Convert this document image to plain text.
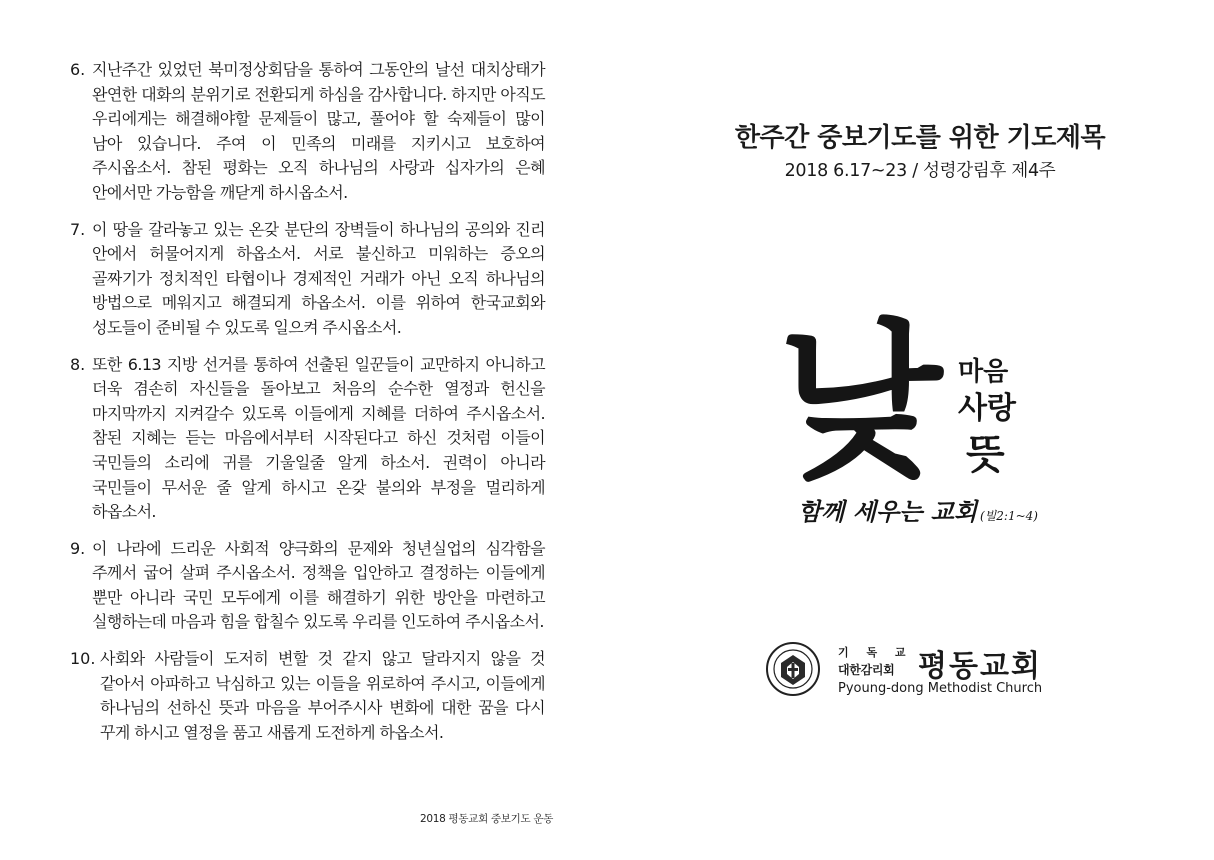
6. 지난주간 있었던 북미정상회담을 통하여 그동안의 날선 대치상태가 완연한 대화의 분위기로 전환되게 하심을 감사합니다. 하지만 아직도 우리에게는 해결해야할 문제들이 많고, 풀어야 할 숙제들이 많이 남아 있습니다. 주여 이 민족의 미래를 지키시고 보호하여 주시옵소서. 참된 평화는 오직 하나님의 사랑과 십자가의 은혜 안에서만 가능함을 깨닫게 하시옵소서.
7. 이 땅을 갈라놓고 있는 온갖 분단의 장벽들이 하나님의 공의와 진리 안에서 허물어지게 하옵소서. 서로 불신하고 미워하는 증오의 골짜기가 정치적인 타협이나 경제적인 거래가 아닌 오직 하나님의 방법으로 메워지고 해결되게 하옵소서. 이를 위하여 한국교회와 성도들이 준비될 수 있도록 일으켜 주시옵소서.
8. 또한 6.13 지방 선거를 통하여 선출된 일꾼들이 교만하지 아니하고 더욱 겸손히 자신들을 돌아보고 처음의 순수한 열정과 헌신을 마지막까지 지켜갈수 있도록 이들에게 지혜를 더하여 주시옵소서. 참된 지혜는 듣는 마음에서부터 시작된다고 하신 것처럼 이들이 국민들의 소리에 귀를 기울일줄 알게 하소서. 권력이 아니라 국민들이 무서운 줄 알게 하시고 온갖 불의와 부정을 멀리하게 하옵소서.
9. 이 나라에 드리운 사회적 양극화의 문제와 청년실업의 심각함을 주께서 굽어 살펴 주시옵소서. 정책을 입안하고 결정하는 이들에게 뿐만 아니라 국민 모두에게 이를 해결하기 위한 방안을 마련하고 실행하는데 마음과 힘을 합칠수 있도록 우리를 인도하여 주시옵소서.
10. 사회와 사람들이 도저히 변할 것 같지 않고 달라지지 않을 것 같아서 아파하고 낙심하고 있는 이들을 위로하여 주시고, 이들에게 하나님의 선하신 뜻과 마음을 부어주시사 변화에 대한 꿈을 다시 꾸게 하시고 열정을 품고 새롭게 도전하게 하옵소서.
2018 평동교회 중보기도 운동
한주간 중보기도를 위한 기도제목
2018 6.17~23 / 성령강림후 제4주
낮 마음
사랑
뜻
함께 세우는 교회 (빌2:1~4)
기 독 교
대한감리회 평동교회
Pyoung-dong Methodist Church
